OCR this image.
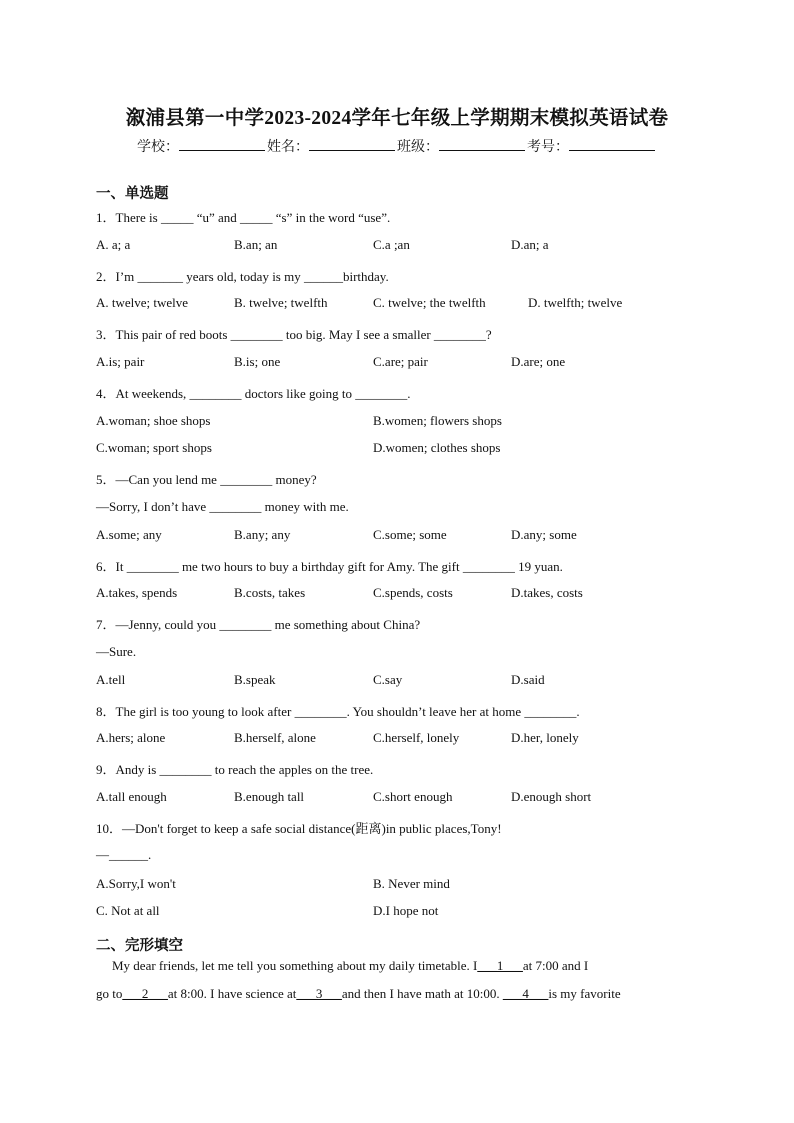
溆浦县第一中学2023-2024学年七年级上学期期末模拟英语试卷
学校：	姓名：	班级：	考号：
一、单选题
1．There is _____ “u” and _____ “s” in the word “use”.
A. a; a	B.an; an	C.a ;an	D.an; a
2．I’m _______ years old, today is my ______birthday.
A. twelve; twelve	B. twelve; twelfth	C. twelve; the twelfth	D. twelfth; twelve
3．This pair of red boots ________ too big. May I see a smaller ________?
A.is; pair	B.is; one	C.are; pair	D.are; one
4．At weekends, ________ doctors like going to ________.
A.woman; shoe shops	B.women; flowers shops
C.woman; sport shops	D.women; clothes shops
5．—Can you lend me ________ money?
—Sorry, I don’t have ________ money with me.
A.some; any	B.any; any	C.some; some	D.any; some
6．It ________ me two hours to buy a birthday gift for Amy. The gift ________ 19 yuan.
A.takes, spends	B.costs, takes	C.spends, costs	D.takes, costs
7．—Jenny, could you ________ me something about China?
—Sure.
A.tell	B.speak	C.say	D.said
8．The girl is too young to look after ________. You shouldn’t leave her at home ________.
A.hers; alone	B.herself, alone	C.herself, lonely	D.her, lonely
9．Andy is ________ to reach the apples on the tree.
A.tall enough	B.enough tall	C.short enough	D.enough short
10．—Don't forget to keep a safe social distance(距离)in public places,Tony!
—______.
A.Sorry,I won't	B. Never mind
C. Not at all	D.I hope not
二、完形填空
My dear friends, let me tell you something about my daily timetable. I___1___at 7:00 and I
go to___2___at 8:00. I have science at___3___and then I have math at 10:00. ___4___is my favorite
